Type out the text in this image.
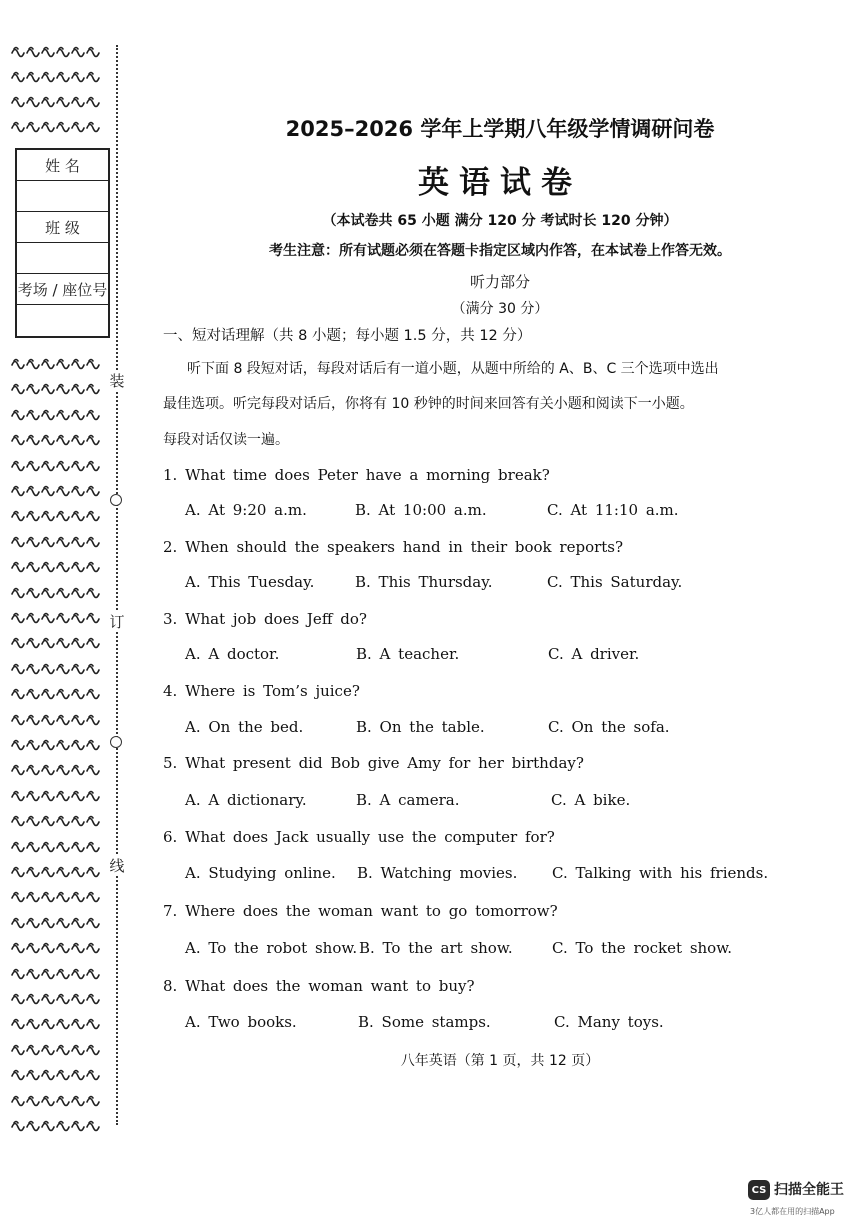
姓 名
班 级
考场 / 座位号
装
订
线
2025–2026 学年上学期八年级学情调研问卷
英语试卷
（本试卷共 65 小题 满分 120 分 考试时长 120 分钟）
考生注意：所有试题必须在答题卡指定区域内作答，在本试卷上作答无效。
听力部分
（满分 30 分）
一、短对话理解（共 8 小题；每小题 1.5 分，共 12 分）
听下面 8 段短对话，每段对话后有一道小题，从题中所给的 A、B、C 三个选项中选出
最佳选项。听完每段对话后，你将有 10 秒钟的时间来回答有关小题和阅读下一小题。
每段对话仅读一遍。
1. What time does Peter have a morning break?
A. At 9:20 a.m.	B. At 10:00 a.m.	C. At 11:10 a.m.
2. When should the speakers hand in their book reports?
A. This Tuesday.	B. This Thursday.	C. This Saturday.
3. What job does Jeff do?
A. A doctor.	B. A teacher.	C. A driver.
4. Where is Tom’s juice?
A. On the bed.	B. On the table.	C. On the sofa.
5. What present did Bob give Amy for her birthday?
A. A dictionary.	B. A camera.	C. A bike.
6. What does Jack usually use the computer for?
A. Studying online. B. Watching movies. C. Talking with his friends.
7. Where does the woman want to go tomorrow?
A. To the robot show. B. To the art show.	C. To the rocket show.
8. What does the woman want to buy?
A. Two books.	B. Some stamps.	C. Many toys.
八年英语（第 1 页，共 12 页）
CS 扫描全能王
3亿人都在用的扫描App
